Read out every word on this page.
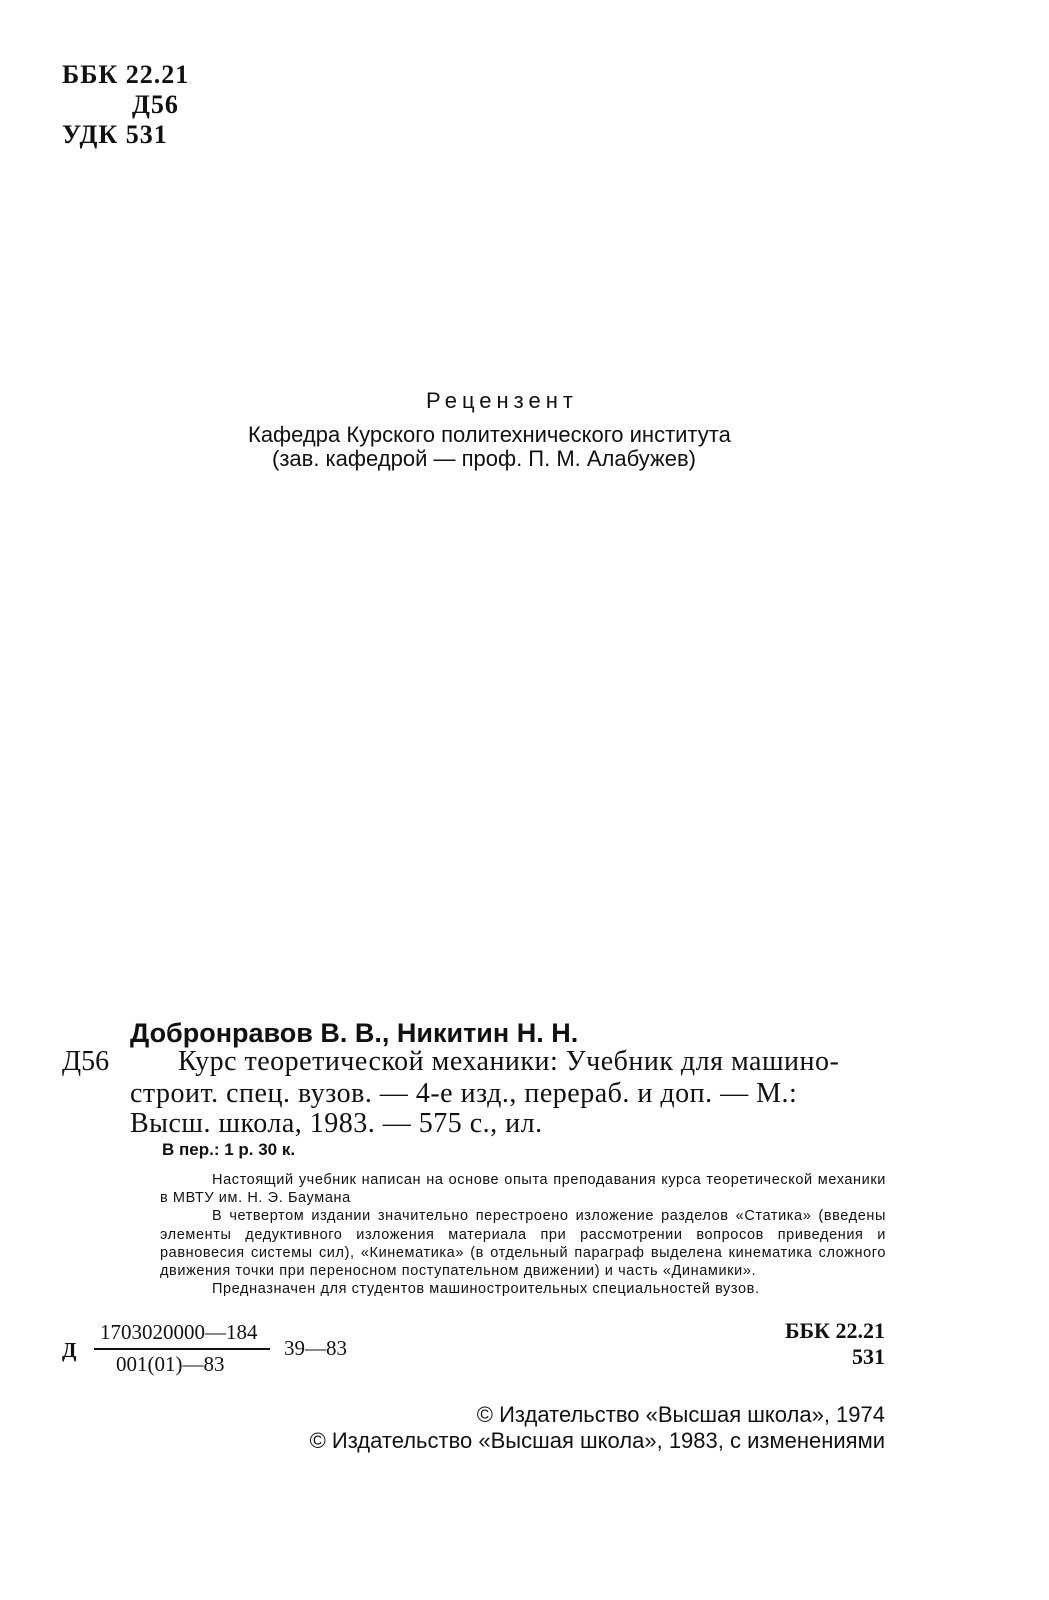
ББК 22.21
Д56
УДК 531
Рецензент
Кафедра Курского политехнического института
(зав. кафедрой — проф. П. М. Алабужев)
Добронравов В. В., Никитин Н. Н.
Д56 Курс теоретической механики: Учебник для машино-
строит. спец. вузов. — 4-е изд., перераб. и доп. — М.:
Высш. школа, 1983. — 575 с., ил.
В пер.: 1 р. 30 к.

Настоящий учебник написан на основе опыта преподавания курса теоретической механики в МВТУ им. Н. Э. Баумана

В четвертом издании значительно перестроено изложение разделов «Статика» (введены элементы дедуктивного изложения материала при рассмотрении вопросов приведения и равновесия системы сил), «Кинематика» (в отдельный параграф выделена кинематика сложного движения точки при переносном поступательном движении) и часть «Динамики».

Предназначен для студентов машиностроительных специальностей вузов.

Д
1703020000—184
001(01)—83
39—83
ББК 22.21
531
© Издательство «Высшая школа», 1974
© Издательство «Высшая школа», 1983, с изменениями
